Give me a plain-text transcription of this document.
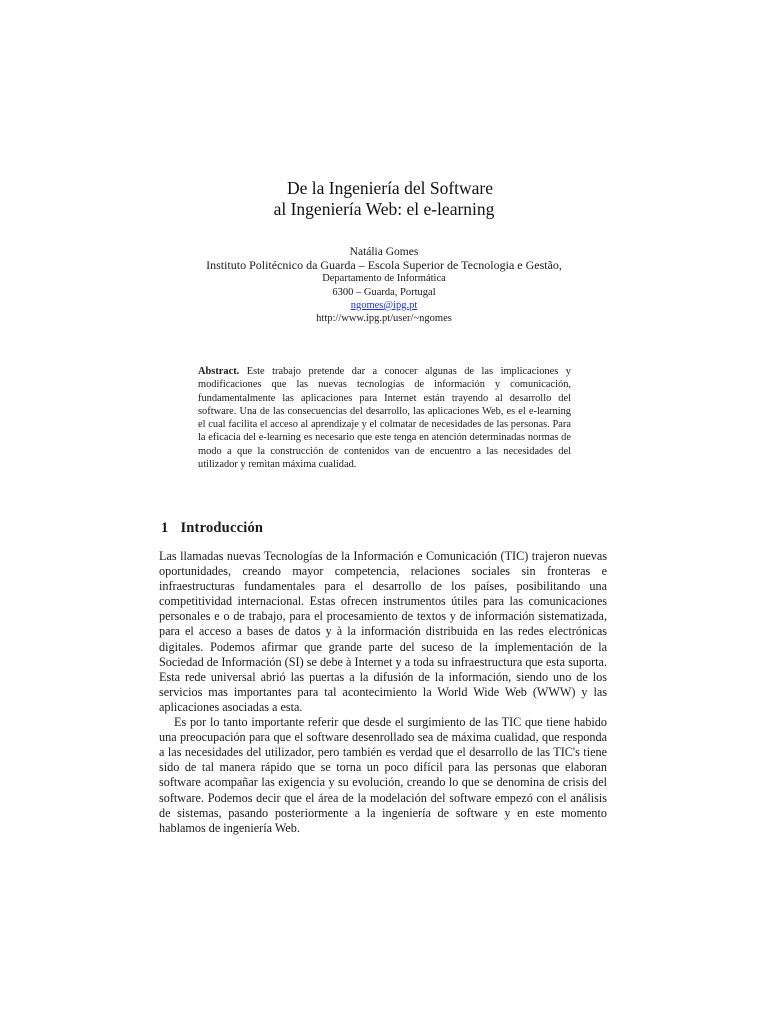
De la Ingeniería del Software
al Ingeniería Web: el e-learning
Natália Gomes
Instituto Politécnico da Guarda – Escola Superior de Tecnologia e Gestão,
Departamento de Informática
6300 – Guarda, Portugal
ngomes@ipg.pt
http://www.ipg.pt/user/~ngomes
Abstract. Este trabajo pretende dar a conocer algunas de las implicaciones y modificaciones que las nuevas tecnologías de información y comunicación, fundamentalmente las aplicaciones para Internet están trayendo al desarrollo del software. Una de las consecuencias del desarrollo, las aplicaciones Web, es el e-learning el cual facilita el acceso al aprendizaje y el colmatar de necesidades de las personas. Para la eficacia del e-learning es necesario que este tenga en atención determinadas normas de modo a que la construcción de contenidos van de encuentro a las necesidades del utilizador y remitan máxima cualidad.
1 Introducción

Las llamadas nuevas Tecnologías de la Información e Comunicación (TIC) trajeron nuevas oportunidades, creando mayor competencia, relaciones sociales sin fronteras e infraestructuras fundamentales para el desarrollo de los países, posibilitando una competitividad internacional. Estas ofrecen instrumentos útiles para las comunicaciones personales e o de trabajo, para el procesamiento de textos y de información sistematizada, para el acceso a bases de datos y à la información distribuida en las redes electrónicas digitales. Podemos afirmar que grande parte del suceso de la implementación de la Sociedad de Información (SI) se debe à Internet y a toda su infraestructura que esta suporta. Esta rede universal abrió las puertas a la difusión de la información, siendo uno de los servicios mas importantes para tal acontecimiento la World Wide Web (WWW) y las aplicaciones asociadas a esta.

Es por lo tanto importante referir que desde el surgimiento de las TIC que tiene habido una preocupación para que el software desenrollado sea de máxima cualidad, que responda a las necesidades del utilizador, pero también es verdad que el desarrollo de las TIC's tiene sido de tal manera rápido que se torna un poco difícil para las personas que elaboran software acompañar las exigencia y su evolución, creando lo que se denomina de crisis del software. Podemos decir que el área de la modelación del software empezó con el análisis de sistemas, pasando posteriormente a la ingeniería de software y en este momento hablamos de ingeniería Web.
